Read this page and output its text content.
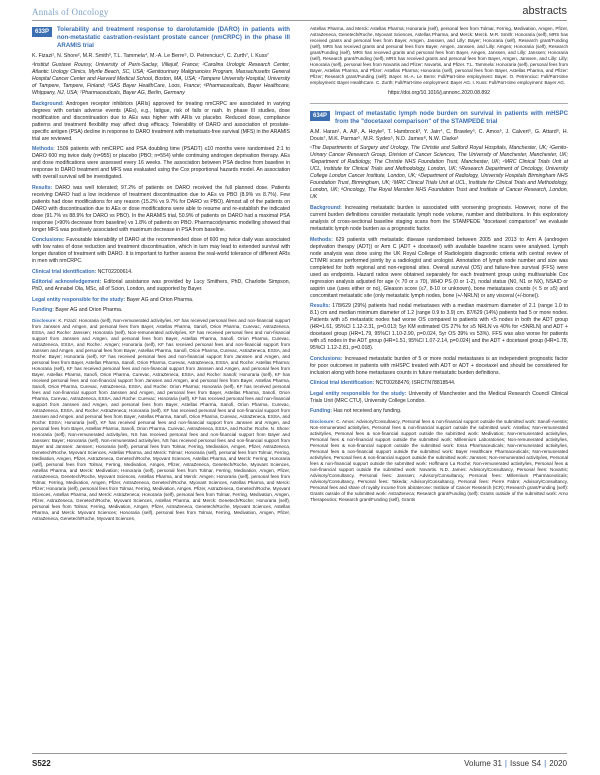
Annals of Oncology	abstracts
633P	Tolerability and treatment response to darolutamide (DARO) in patients with non-metastatic castration-resistant prostate cancer (nmCRPC) in the phase III ARAMIS trial
K. Fizazi¹, N. Shore², M.R. Smith³, T.L. Tammela⁴, M.-A. Le Berre⁵, O. Petrenciuc⁶, C. Zurth⁷, I. Kuss⁷
¹Institut Gustave Roussy, University of Paris-Saclay, Villejuif, France; ²Carolina Urologic Research Center, Atlantic Urology Clinics, Myrtle Beach, SC, USA; ³Genitourinary Malignancies Program, Massachusetts General Hospital Cancer Center and Harvard Medical School, Boston, MA, USA; ⁴Tampere University Hospital, University of Tampere, Tampere, Finland; ⁵SAS Bayer HealthCare, Loos, France; ⁶Pharmaceuticals, Bayer Healthcare, Whippany, NJ, USA; ⁷Pharmaceuticals, Bayer AG, Berlin, Germany

Background: Androgen receptor inhibitors (ARIs) approved for treating nmCRPC are associated in varying degrees with certain adverse events (AEs), e.g., fatigue, risk of falls or rash. In phase III studies, dose modification and discontinuation due to AEs was higher with ARIs vs placebo. Reduced dose, compliance patterns and treatment flexibility may affect drug efficacy. Tolerability of DARO and association of prostate-specific antigen (PSA) decline in response to DARO treatment with metastasis-free survival (MFS) in the ARAMIS trial are reviewed.

Methods: 1509 patients with nmCRPC and PSA doubling time (PSADT) ≤10 months were randomised 2:1 to DARO 600 mg twice daily (n=955) or placebo (PBO; n=554) while continuing androgen deprivation therapy. AEs and dose modifications were assessed every 16 weeks. The association between PSA decline from baseline in response to DARO treatment and MFS was evaluated using the Cox proportional hazards model. An association with overall survival will be investigated.

Results: DARO was well tolerated; 97.2% of patients on DARO received the full planned dose. Patients receiving DARO had a low incidence of treatment discontinuation due to AEs vs PBO (8.9% vs 8.7%). Few patients had dose modifications for any reason (15.2% vs 9.7% for DARO vs PBO). Almost all of the patients on DARO with discontinuation due to AEs or dose modifications were able to resume and re-establish the indicated dose (91.7% vs 88.9% for DARO vs PBO). In the ARAMIS trial, 50.9% of patients on DARO had a maximal PSA response (>90% decrease from baseline) vs 1.8% of patients on PBO. Pharmacodynamic modelling showed that longer MFS was positively associated with maximum decrease in PSA from baseline.

Conclusions: Favourable tolerability of DARO at the recommended dose of 600 mg twice daily was associated with low rates of dose reduction and treatment discontinuation, which in turn may lead to extended survival with longer duration of treatment with DARO. It is important to further assess the real-world tolerance of different ARIs in men with nmCRPC.

Clinical trial identification: NCT02200614.

Editorial acknowledgement: Editorial assistance was provided by Lucy Smithers, PhD, Charlotte Simpson, PhD, and Annabel Ola, MSc, all of Scion, London, and supported by Bayer.

Legal entity responsible for the study: Bayer AG and Orion Pharma.

Funding: Bayer AG and Orion Pharma.

Disclosure: K. Fizazi: Honoraria (self), Non-remunerated activity/ies, KF has received personal fees and non-financial support from Janssen and Amgen, and personal fees from Bayer, Astellas Pharma, Sanofi, Orion Pharma, Curevac, AstraZeneca, ESSA, and Roche: Janssen; Honoraria (self), Non-remunerated activity/ies, KF has received personal fees and non-financial support from Janssen and Amgen, and personal fees from Bayer, Astellas Pharma, Sanofi, Orion Pharma, Curevac, AstraZeneca, ESSA, and Roche.: Amgen; Honoraria (self), KF has received personal fees and non-financial support from Janssen and Amgen, and personal fees from Bayer, Astellas Pharma, Sanofi, Orion Pharma, Curevac, AstraZeneca, ESSA, and Roche: Bayer; Honoraria (self), KF has received personal fees and non-financial support from Janssen and Amgen, and personal fees from Bayer, Astellas Pharma, Sanofi, Orion Pharma, Curevac, AstraZeneca, ESSA, and Roche: Astellas Pharma; Honoraria (self), KF has received personal fees and non-financial support from Janssen and Amgen, and personal fees from Bayer, Astellas Pharma, Sanofi, Orion Pharma, Curevac, AstraZeneca, ESSA, and Roche: Sanofi; Honoraria (self), KF has received personal fees and non-financial support from Janssen and Amgen, and personal fees from Bayer, Astellas Pharma, Sanofi, Orion Pharma, Curevac, AstraZeneca, ESSA, and Roche: Orion Pharma; Honoraria (self), KF has received personal fees and non-financial support from Janssen and Amgen, and personal fees from Bayer, Astellas Pharma, Sanofi, Orion Pharma, Curevac, AstraZeneca, ESSA, and Roche: Curevac; Honoraria (self), KF has received personal fees and non-financial support from Janssen and Amgen, and personal fees from Bayer, Astellas Pharma, Sanofi, Orion Pharma, Curevac, AstraZeneca, ESSA, and Roche: AstraZeneca; Honoraria (self), KF has received personal fees and non-financial support from Janssen and Amgen, and personal fees from Bayer, Astellas Pharma, Sanofi, Orion Pharma, Curevac, AstraZeneca, ESSA, and Roche: ESSA; Honoraria (self), KF has received personal fees and non-financial support from Janssen and Amgen, and personal fees from Bayer, Astellas Pharma, Sanofi, Orion Pharma, Curevac, AstraZeneca, ESSA, and Roche: Roche. N. Shore: Honoraria (self), Non-remunerated activity/ies, NS has received personal fees and non-financial support from Bayer and Janssen: Bayer; Honoraria (self), Non-remunerated activity/ies, NS has received personal fees and non-financial support from Bayer and Janssen: Janssen; Honoraria (self), personal fees from Tolmar, Ferring, Medivation, Amgen, Pfizer, AstraZeneca, Genetech/Roche, Myovant Sciences, Astellas Pharma, and Merck: Tolmar; Honoraria (self), personal fees from Tolmar, Ferring, Medivation, Amgen, Pfizer, AstraZeneca, Genetech/Roche, Myovant Sciences, Astellas Pharma, and Merck: Ferring; Honoraria (self), personal fees from Tolmar, Ferring, Medivation, Amgen, Pfizer, AstraZeneca, Genetech/Roche, Myovant Sciences, Astellas Pharma, and Merck: Medivation; Honoraria (self), personal fees from Tolmar, Ferring, Medivation, Amgen, Pfizer, AstraZeneca, Genetech/Roche, Myovant Sciences, Astellas Pharma, and Merck: Amgen; Honoraria (self), personal fees from Tolmar, Ferring, Medivation, Amgen, Pfizer, AstraZeneca, Genetech/Roche, Myovant Sciences, Astellas Pharma, and Merck: Pfizer; Honoraria (self), personal fees from Tolmar, Ferring, Medivation, Amgen, Pfizer, AstraZeneca, Genetech/Roche, Myovant Sciences, Astellas Pharma, and Merck: AstraZeneca; Honoraria (self), personal fees from Tolmar, Ferring, Medivation, Amgen, Pfizer, AstraZeneca, Genetech/Roche, Myovant Sciences, Astellas Pharma, and Merck: Genetech/Roche; Honoraria (self), personal fees from Tolmar, Ferring, Medivation, Amgen, Pfizer, AstraZeneca, Genetech/Roche, Myovant Sciences, Astellas Pharma, and Merck: Myovant Sciences; Honoraria (self), personal fees from Tolmar, Ferring, Medivation, Amgen, Pfizer, AstraZeneca, Genetech/Roche, Myovant Sciences,

Astellas Pharma, and Merck: Astellas Pharma; Honoraria (self), personal fees from Tolmar, Ferring, Medivation, Amgen, Pfizer, AstraZeneca, Genetech/Roche, Myovant Sciences, Astellas Pharma, and Merck: Merck. M.R. Smith: Honoraria (self), MRS has received grants and personal fees from Bayer, Amgen, Janssen, and Lilly: Bayer; Honoraria (self), Research grant/Funding (self), MRS has received grants and personal fees from Bayer, Amgen, Janssen, and Lilly: Amgen; Honoraria (self), Research grant/Funding (self), MRS has received grants and personal fees from Bayer, Amgen, Janssen, and Lilly: Janssen; Honoraria (self), Research grant/Funding (self), MRS has received grants and personal fees from Bayer, Amgen, Janssen, and Lilly: Lilly; Honoraria (self), personal fees from Novartis and Pfizer: Novartis, and Pfizer. T.L. Tammela: Honoraria (self), personal fees from Bayer, Astellas Pharma, and Pfizer: Astellas Pharma; Honoraria (self), personal fees from Bayer, Astellas Pharma, and Pfizer: Pfizer; Research grant/Funding (self): Bayer. M.-A. Le Berre: Full/Part-time employment: Bayer. O. Petrenciuc: Full/Part-time employment: Bayer HealthCare. C. Zurth: Full/Part-time employment: Bayer AG. I. Kuss: Full/Part-time employment: Bayer AG.

https://doi.org/10.1016/j.annonc.2020.08.892
634P	Impact of metastatic lymph node burden on survival in patients with mHSPC from the "docetaxel comparison" of the STAMPEDE trial
A.M. Haran¹, A. Ali¹, A. Hoyle², T. Hambrock³, Y. Jain⁴, C. Brawley⁵, C. Amos⁵, J. Calvert⁵, G. Attard⁶, H. Douis⁷, M.K. Parmar⁵, M.R. Sydes⁵, N.D. James⁸, N.W. Clarke¹
¹The Departments of Surgery and Urology, The Christie and Salford Royal Hospitals, Manchester, UK; ²Genito-Urinary Cancer Research Group, Division of Cancer Sciences, The University of Manchester, Manchester, UK; ³Department of Radiology, The Christie NHS Foundation Trust, Manchester, UK; ⁴MRC Clinical Trials Unit at UCL, Institute for Clinical Trials and Methodology, London, UK; ⁵Research Department of Oncology, University College London Cancer Institute, London, UK; ⁶Department of Radiology, University Hospitals Birmingham NHS Foundation Trust, Birmingham, UK; ⁷MRC Clinical Trials Unit at UCL, Institute for Clinical Trials and Methodology, London, UK; ⁸Oncology, The Royal Marsden NHS Foundation Trust and Institute of Cancer Research, London, UK

Background: Increasing metastatic burden is associated with worsening prognosis. However, none of the current burden definitions consider metastatic lymph node volume, number and distributions. In this exploratory analysis of cross-sectional baseline staging scans from the STAMPEDE "docetaxel comparison" we evaluate metastatic lymph node burden as a prognostic factor.

Methods: 629 patients with metastatic disease randomised between 2005 and 2013 to Arm A (androgen deprivation therapy (ADT)) or Arm C (ADT + docetaxel) with available baseline scans were analysed. Lymph node analysis was done using the UK Royal College of Radiologists diagnostic criteria with central review of CT/MRI scans performed jointly by a radiologist and urologist. Annotation of lymph node number and size was completed for both regional and non-regional sites. Overall survival (OS) and failure-free survival (FFS) were used as endpoints. Hazard ratios were obtained separately for each treatment group using multivariable Cox regression analysis adjusted for age (< 70 or ≥ 70), WHO PS (0 or 1-2), nodal status (N0, N1 or NX), NSAID or aspirin use (uses either or no), Gleason score (≤7, 8-10 or unknown), bone metastases counts (< 5 or ≥5) and concomitant metastatic site (only metastatic lymph nodes, bone (+/-NRLN) or any visceral (+/-bone)).

Results: 178/629 (29%) patients had nodal metastases with a median maximum diameter of 2.1 (range 1.0 to 8.1) cm and median minimum diameter of 1.2 (range 0.9 to 3.9) cm. 87/629 (14%) patients had 5 or more nodes. Patients with ≥5 metastatic nodes had worse OS compared to patients with <5 nodes in both the ADT group (HR=1.61, 95%CI 1.12-2.31, p=0.013; 5yr KM estimated OS 27% for ≥5 NRLN vs 40% for <5NRLN) and ADT + docetaxel group (HR=1.79, 95%CI 1.10-2.90, p=0.024, 5yr OS 39% vs 53%). FFS was also worse for patients with ≥5 nodes in the ADT group (HR=1.51, 95%CI 1.07-2.14, p=0.024) and the ADT + docetaxel group (HR=1.78, 95%CI 1.12-2.81, p=0.018).

Conclusions: Increased metastatic burden of 5 or more nodal metastases is an independent prognostic factor for poor outcomes in patients with mHSPC treated with ADT or ADT + docetaxel and should be considered for inclusion along with bone metastases counts in future metastatic burden definitions.

Clinical trial identification: NCT00268476; ISRCTN78818544.

Legal entity responsible for the study: University of Manchester and the Medical Research Council Clinical Trials Unit (MRC CTU), University College London.

Funding: Has not received any funding.

Disclosure: C. Amos: Advisory/Consultancy, Personal fees & non-financial support outside the submitted work: Sanofi-Aventis; Non-remunerated activity/ies, Personal fees & non-financial support outside the submitted work: Astellas; Non-remunerated activity/ies, Personal fees & non-financial support outside the submitted work: Medivation; Non-remunerated activity/ies, Personal fees & non-financial support outside the submitted work: Millennium Laboratories; Non-remunerated activity/ies, Personal fees & non-financial support outside the submitted work: Essa Pharmaceuticals; Non-remunerated activity/ies, Personal fees & non-financial support outside the submitted work: Bayer Healthcare Pharmaceuticals; Non-remunerated activity/ies, Personal fees & non-financial support outside the submitted work: Janssen; Non-remunerated activity/ies, Personal fees & non-financial support outside the submitted work: Hoffmann La Roche; Non-remunerated activity/ies, Personal fees & non-financial support outside the submitted work: Novartis. N.D. James: Advisory/Consultancy, Personal fees: Novartis; Advisory/Consultancy, Personal fees: Janssen; Advisory/Consultancy, Personal fees: Millennium Pharmaceuticals; Advisory/Consultancy, Personal fees: Takeda; Advisory/Consultancy, Personal fees: Pierre Fabre; Advisory/Consultancy, Personal fees and share of royalty income from abiraterone: Institute of Cancer Research (ICR); Research grant/Funding (self): Grants outside of the submitted work: AstraZeneca; Research grant/Funding (self): Grants outside of the submitted work: Arno Therapeutics; Research grant/Funding (self), Grants

S522	Volume 31 | Issue S4 | 2020
